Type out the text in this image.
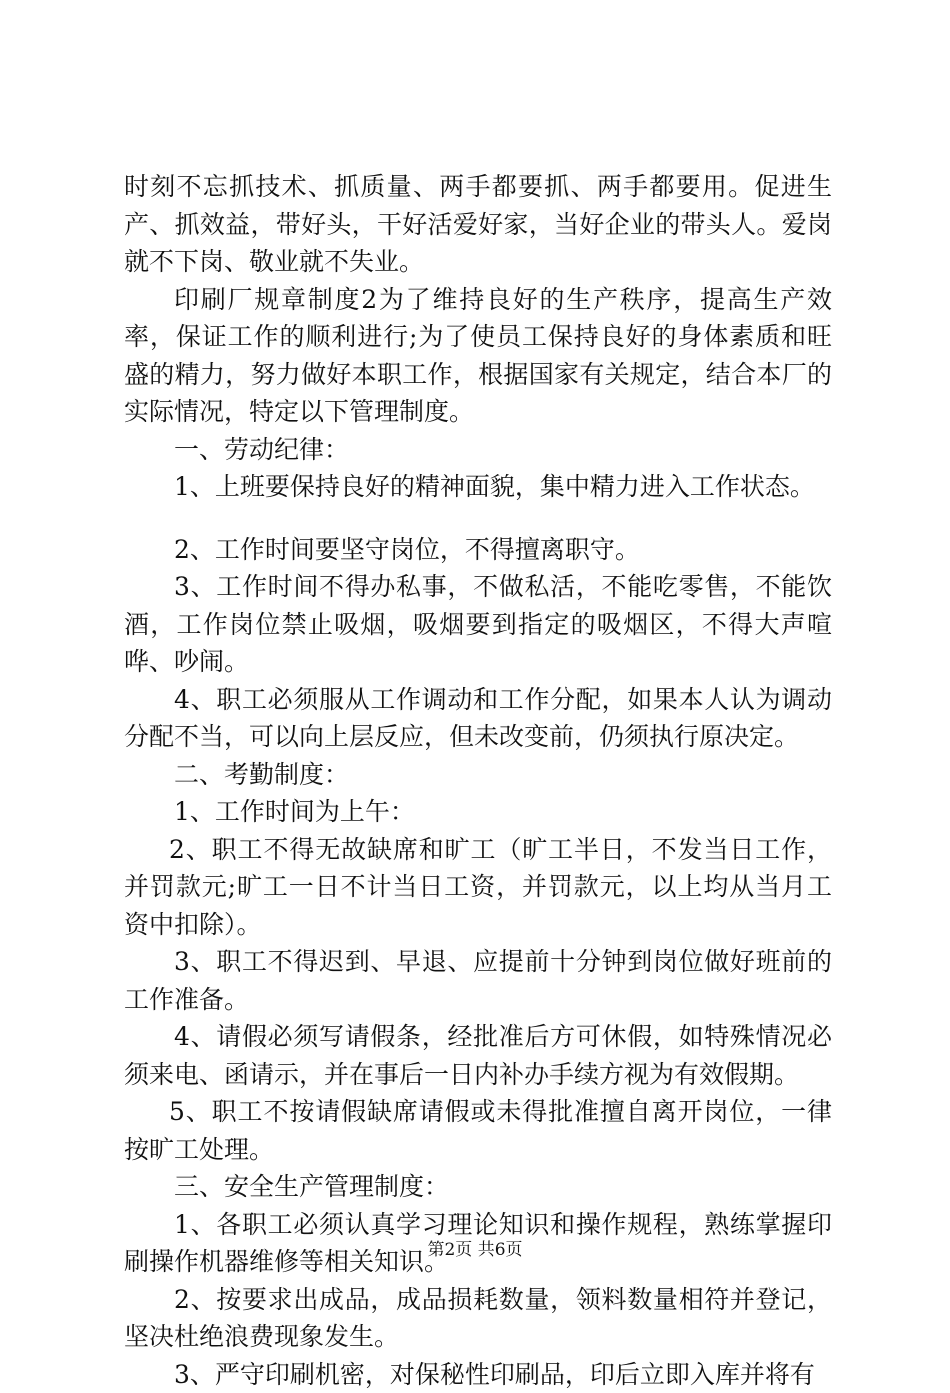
时刻不忘抓技术、抓质量、两手都要抓、两手都要用。促进生产、抓效益，带好头，干好活爱好家，当好企业的带头人。爱岗就不下岗、敬业就不失业。

印刷厂规章制度2为了维持良好的生产秩序，提高生产效率，保证工作的顺利进行;为了使员工保持良好的身体素质和旺盛的精力，努力做好本职工作，根据国家有关规定，结合本厂的实际情况，特定以下管理制度。

一、劳动纪律：

1、上班要保持良好的精神面貌，集中精力进入工作状态。

2、工作时间要坚守岗位，不得擅离职守。

3、工作时间不得办私事，不做私活，不能吃零售，不能饮酒，工作岗位禁止吸烟，吸烟要到指定的吸烟区，不得大声喧哗、吵闹。

4、职工必须服从工作调动和工作分配，如果本人认为调动分配不当，可以向上层反应，但未改变前，仍须执行原决定。

二、考勤制度：

1、工作时间为上午：

2、职工不得无故缺席和旷工（旷工半日，不发当日工作，并罚款元;旷工一日不计当日工资，并罚款元，以上均从当月工资中扣除）。

3、职工不得迟到、早退、应提前十分钟到岗位做好班前的工作准备。

4、请假必须写请假条，经批准后方可休假，如特殊情况必须来电、函请示，并在事后一日内补办手续方视为有效假期。

5、职工不按请假缺席请假或未得批准擅自离开岗位，一律按旷工处理。

三、安全生产管理制度：

1、各职工必须认真学习理论知识和操作规程，熟练掌握印刷操作机器维修等相关知识。

2、按要求出成品，成品损耗数量，领料数量相符并登记，坚决杜绝浪费现象发生。

3、严守印刷机密，对保秘性印刷品，印后立即入库并将有

第2页 共6页
